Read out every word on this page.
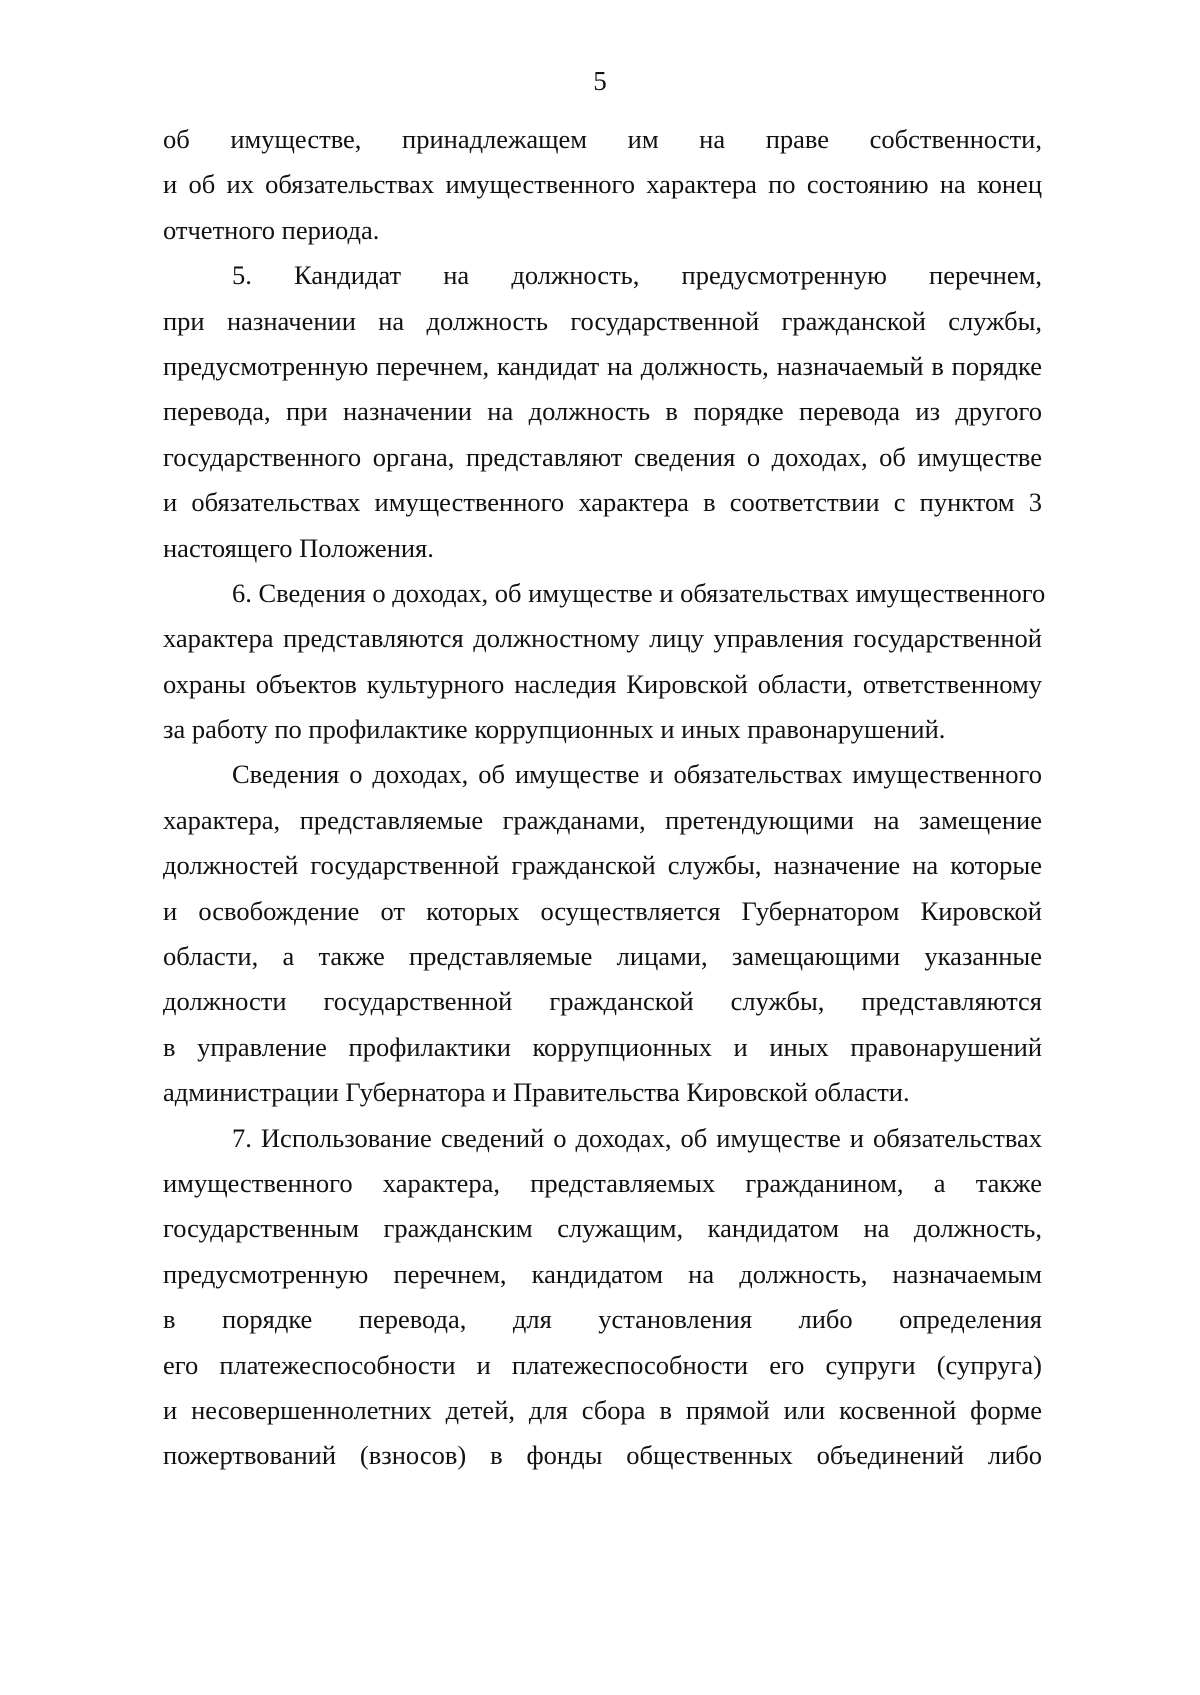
5
об имуществе, принадлежащем им на праве собственности,
и об их обязательствах имущественного характера по состоянию на конец
отчетного периода.
5. Кандидат на должность, предусмотренную перечнем,
при назначении на должность государственной гражданской службы,
предусмотренную перечнем, кандидат на должность, назначаемый в порядке
перевода, при назначении на должность в порядке перевода из другого
государственного органа, представляют сведения о доходах, об имуществе
и обязательствах имущественного характера в соответствии с пунктом 3
настоящего Положения.
6. Сведения о доходах, об имуществе и обязательствах имущественного
характера представляются должностному лицу управления государственной
охраны объектов культурного наследия Кировской области, ответственному
за работу по профилактике коррупционных и иных правонарушений.
Сведения о доходах, об имуществе и обязательствах имущественного
характера, представляемые гражданами, претендующими на замещение
должностей государственной гражданской службы, назначение на которые
и освобождение от которых осуществляется Губернатором Кировской
области, а также представляемые лицами, замещающими указанные
должности государственной гражданской службы, представляются
в управление профилактики коррупционных и иных правонарушений
администрации Губернатора и Правительства Кировской области.
7. Использование сведений о доходах, об имуществе и обязательствах
имущественного характера, представляемых гражданином, а также
государственным гражданским служащим, кандидатом на должность,
предусмотренную перечнем, кандидатом на должность, назначаемым
в порядке перевода, для установления либо определения
его платежеспособности и платежеспособности его супруги (супруга)
и несовершеннолетних детей, для сбора в прямой или косвенной форме
пожертвований (взносов) в фонды общественных объединений либо
